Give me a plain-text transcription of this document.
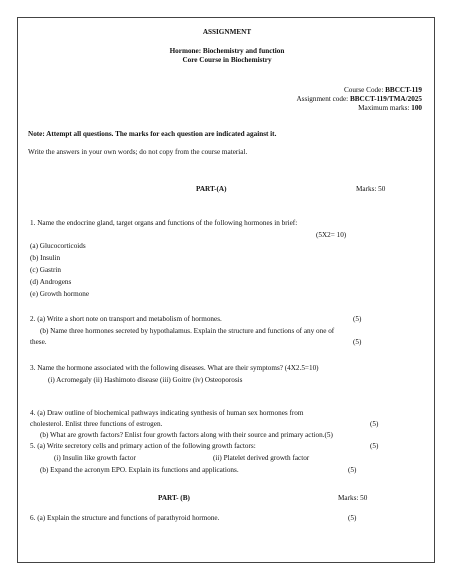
ASSIGNMENT
Hormone: Biochemistry and function
Core Course in Biochemistry
Course Code: BBCCT-119
Assignment code: BBCCT-119/TMA/2025
Maximum marks: 100
Note: Attempt all questions. The marks for each question are indicated against it.
Write the answers in your own words; do not copy from the course material.
PART-(A)	Marks: 50
1. Name the endocrine gland, target organs and functions of the following hormones in brief:
(5X2= 10)
(a) Glucocorticoids
(b) Insulin
(c) Gastrin
(d) Androgens
(e) Growth hormone
2. (a) Write a short note on transport and metabolism of hormones.	(5)
(b) Name three hormones secreted by hypothalamus. Explain the structure and functions of any one of
these.	(5)
3. Name the hormone associated with the following diseases. What are their symptoms? (4X2.5=10)
(i) Acromegaly (ii) Hashimoto disease (iii) Goitre (iv) Osteoporosis
4. (a) Draw outline of biochemical pathways indicating synthesis of human sex hormones from
cholesterol. Enlist three functions of estrogen.	(5)
(b) What are growth factors? Enlist four growth factors along with their source and primary action.(5)
5. (a) Write secretory cells and primary action of the following growth factors:	(5)
(i) Insulin like growth factor	(ii) Platelet derived growth factor
(b) Expand the acronym EPO. Explain its functions and applications.	(5)
PART- (B)	Marks: 50
6. (a) Explain the structure and functions of parathyroid hormone.	(5)
